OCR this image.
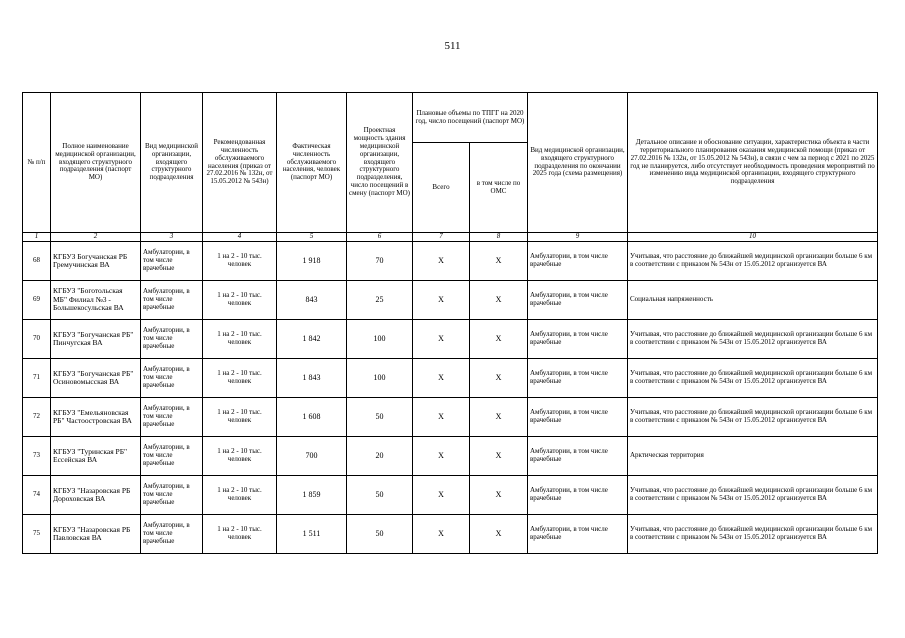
511
№ п/п	Полное наименование медицинской организации, входящего структурного подразделения (паспорт МО)	Вид медицинской организации, входящего структурного подразделения	Рекомендованная численность обслуживаемого населения (приказ от 27.02.2016 № 132н, от 15.05.2012 № 543н)	Фактическая численность обслуживаемого населения, человек (паспорт МО)	Проектная мощность здания медицинской организации, входящего структурного подразделения, число посещений в смену (паспорт МО)	Плановые объемы по ТПГГ на 2020 год, число посещений (паспорт МО)		Вид медицинской организации, входящего структурного подразделения по окончании 2025 года (схема размещения)	Детальное описание и обоснование ситуации, характеристика объекта в части территориального планирования оказания медицинской помощи (приказ от 27.02.2016 № 132н, от 15.05.2012 № 543н), в связи с чем за период с 2021 по 2025 год не планируется, либо отсутствует необходимость проведения мероприятий по изменению вида медицинской организации, входящего структурного подразделения
						Всего	в том числе по ОМС		
1	2	3	4	5	6	7	8	9	10
68	КГБУЗ Богучанская РБ Гремучинская ВА	Амбулатории, в том числе врачебные	1 на 2 - 10 тыс. человек	1 918	70	X	X	Амбулатории, в том числе врачебные	Учитывая, что расстояние до ближайшей медицинской организации больше 6 км в соответствии с приказом № 543н от 15.05.2012 организуется ВА
69	КГБУЗ "Боготольская МБ" Филиал №3 - Большекосульская ВА	Амбулатории, в том числе врачебные	1 на 2 - 10 тыс. человек	843	25	X	X	Амбулатории, в том числе врачебные	Социальная напряженность
70	КГБУЗ "Богучанская РБ" Пинчугская ВА	Амбулатории, в том числе врачебные	1 на 2 - 10 тыс. человек	1 842	100	X	X	Амбулатории, в том числе врачебные	Учитывая, что расстояние до ближайшей медицинской организации больше 6 км в соответствии с приказом № 543н от 15.05.2012 организуется ВА
71	КГБУЗ "Богучанская РБ" Осиновомысская ВА	Амбулатории, в том числе врачебные	1 на 2 - 10 тыс. человек	1 843	100	X	X	Амбулатории, в том числе врачебные	Учитывая, что расстояние до ближайшей медицинской организации больше 6 км в соответствии с приказом № 543н от 15.05.2012 организуется ВА
72	КГБУЗ "Емельяновская РБ" Частоостровская ВА	Амбулатории, в том числе врачебные	1 на 2 - 10 тыс. человек	1 608	50	X	X	Амбулатории, в том числе врачебные	Учитывая, что расстояние до ближайшей медицинской организации больше 6 км в соответствии с приказом № 543н от 15.05.2012 организуется ВА
73	КГБУЗ "Туринская РБ" Ессейская ВА	Амбулатории, в том числе врачебные	1 на 2 - 10 тыс. человек	700	20	X	X	Амбулатории, в том числе врачебные	Арктическая территория
74	КГБУЗ "Назаровская РБ Дороховская ВА	Амбулатории, в том числе врачебные	1 на 2 - 10 тыс. человек	1 859	50	X	X	Амбулатории, в том числе врачебные	Учитывая, что расстояние до ближайшей медицинской организации больше 6 км в соответствии с приказом № 543н от 15.05.2012 организуется ВА
75	КГБУЗ "Назаровская РБ Павловская ВА	Амбулатории, в том числе врачебные	1 на 2 - 10 тыс. человек	1 511	50	X	X	Амбулатории, в том числе врачебные	Учитывая, что расстояние до ближайшей медицинской организации больше 6 км в соответствии с приказом № 543н от 15.05.2012 организуется ВА
